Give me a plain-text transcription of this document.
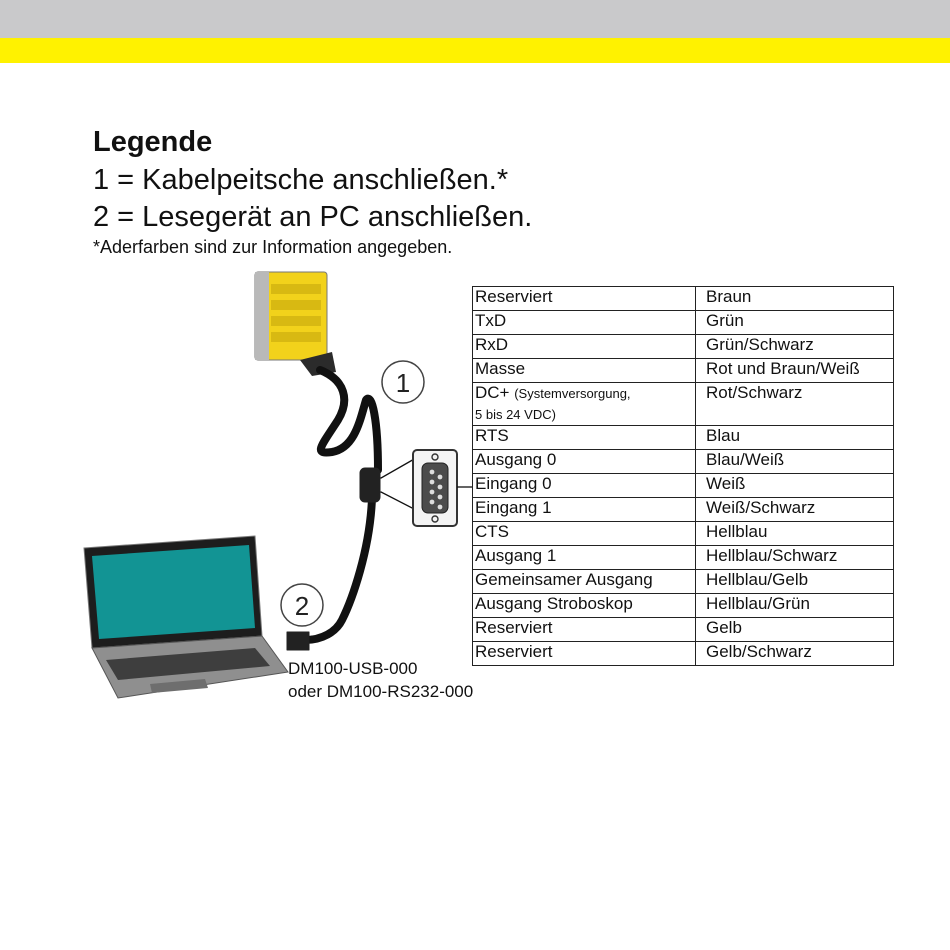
Legende
1 = Kabelpeitsche anschließen.*
2 = Lesegerät an PC anschließen.
*Aderfarben sind zur Information angegeben.
1
2
DM100-USB-000
oder DM100-RS232-000
Reserviert	Braun
TxD	Grün
RxD	Grün/Schwarz
Masse	Rot und Braun/Weiß
DC+ (Systemversorgung,
5 bis 24 VDC)	Rot/Schwarz
RTS	Blau
Ausgang 0	Blau/Weiß
Eingang 0	Weiß
Eingang 1	Weiß/Schwarz
CTS	Hellblau
Ausgang 1	Hellblau/Schwarz
Gemeinsamer Ausgang	Hellblau/Gelb
Ausgang Stroboskop	Hellblau/Grün
Reserviert	Gelb
Reserviert	Gelb/Schwarz
